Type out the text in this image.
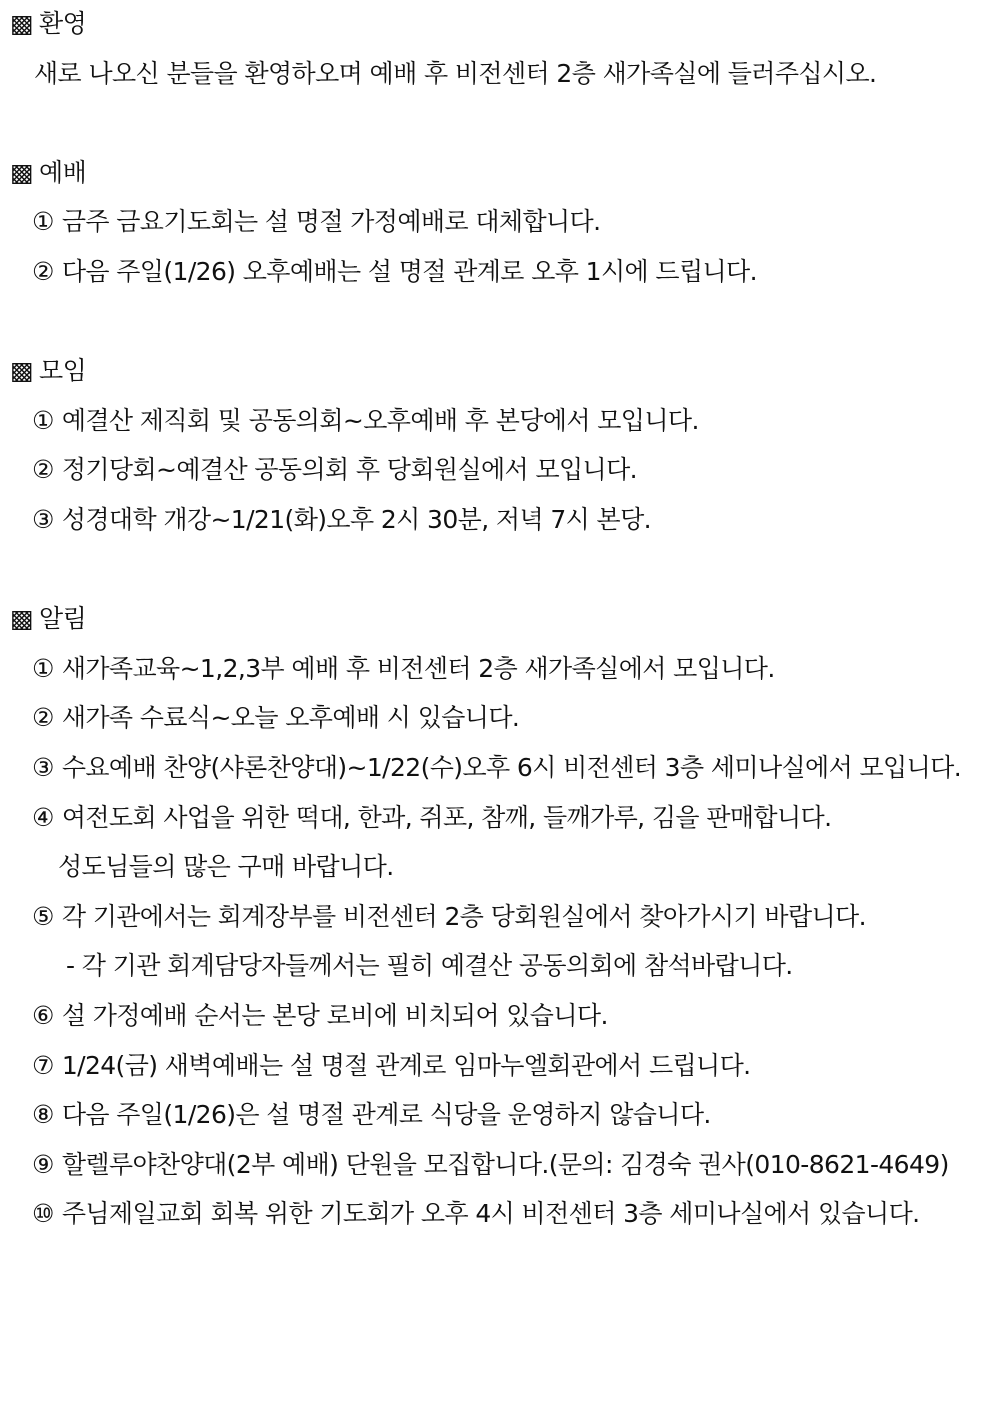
▩ 환영
새로 나오신 분들을 환영하오며 예배 후 비전센터 2층 새가족실에 들러주십시오.
▩ 예배
① 금주 금요기도회는 설 명절 가정예배로 대체합니다.
② 다음 주일(1/26) 오후예배는 설 명절 관계로 오후 1시에 드립니다.
▩ 모임
① 예결산 제직회 및 공동의회~오후예배 후 본당에서 모입니다.
② 정기당회~예결산 공동의회 후 당회원실에서 모입니다.
③ 성경대학 개강~1/21(화)오후 2시 30분, 저녁 7시 본당.
▩ 알림
① 새가족교육~1,2,3부 예배 후 비전센터 2층 새가족실에서 모입니다.
② 새가족 수료식~오늘 오후예배 시 있습니다.
③ 수요예배 찬양(샤론찬양대)~1/22(수)오후 6시 비전센터 3층 세미나실에서 모입니다.
④ 여전도회 사업을 위한 떡대, 한과, 쥐포, 참깨, 들깨가루, 김을 판매합니다.
성도님들의 많은 구매 바랍니다.
⑤ 각 기관에서는 회계장부를 비전센터 2층 당회원실에서 찾아가시기 바랍니다.
- 각 기관 회계담당자들께서는 필히 예결산 공동의회에 참석바랍니다.
⑥ 설 가정예배 순서는 본당 로비에 비치되어 있습니다.
⑦ 1/24(금) 새벽예배는 설 명절 관계로 임마누엘회관에서 드립니다.
⑧ 다음 주일(1/26)은 설 명절 관계로 식당을 운영하지 않습니다.
⑨ 할렐루야찬양대(2부 예배) 단원을 모집합니다.(문의: 김경숙 권사(010-8621-4649)
⑩ 주님제일교회 회복 위한 기도회가 오후 4시 비전센터 3층 세미나실에서 있습니다.
